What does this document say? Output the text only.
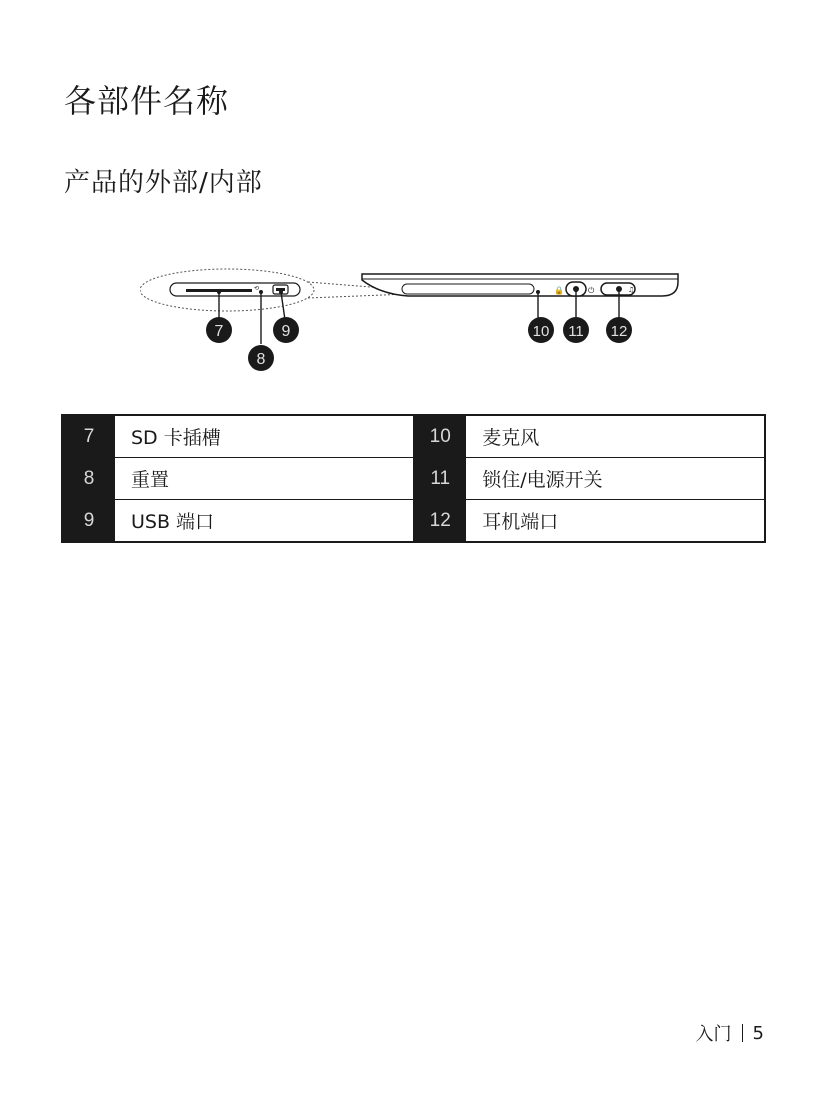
各部件名称
产品的外部/内部
⟲	🔒	⏻	♫
7
8
9	10 11 12
7	SD 卡插槽	10	麦克风
8	重置	11	锁住/电源开关
9	USB 端口	12	耳机端口
入门 5
